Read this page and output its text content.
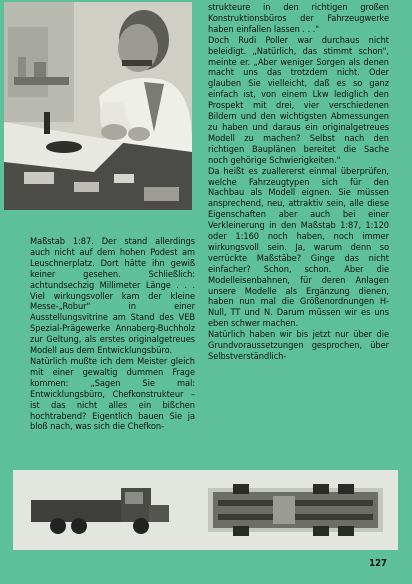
Maßstab 1:87. Der stand allerdings auch nicht auf dem hohen Podest am Leuschnerplatz. Dort hätte ihn gewiß keiner gesehen. Schließlich: achtundsechzig Millimeter Länge . . . Viel wirkungsvoller kam der kleine Messe-„Robur" in einer Ausstellungsvitrine am Stand des VEB Spezial-Prägewerke Annaberg-Buchholz zur Geltung, als erstes originalgetreues Modell aus dem Entwicklungsbüro.

Natürlich mußte ich dem Meister gleich mit einer gewaltig dummen Frage kommen: „Sagen Sie mal: Entwicklungsbüro, Chefkonstrukteur – ist das nicht alles ein bißchen hochtrabend? Eigentlich bauen Sie ja bloß nach, was sich die Chefkon-

strukteure in den richtigen großen Konstruktionsbüros der Fahrzeugwerke haben einfallen lassen . . ."

Doch Rudi Poller war durchaus nicht beleidigt. „Natürlich, das stimmt schon", meinte er. „Aber weniger Sorgen als denen macht uns das trotzdem nicht. Oder glauben Sie vielleicht, daß es so ganz einfach ist, von einem Lkw lediglich den Prospekt mit drei, vier verschiedenen Bildern und den wichtigsten Abmessungen zu haben und daraus ein originalgetreues Modell zu machen? Selbst nach den richtigen Bauplänen bereitet die Sache noch gehörige Schwierigkeiten."

Da heißt es zuallererst einmal überprüfen, welche Fahrzeugtypen sich für den Nachbau als Modell eignen. Sie müssen ansprechend, neu, attraktiv sein, alle diese Eigenschaften aber auch bei einer Verkleinerung in den Maßstab 1:87, 1:120 oder 1:160 noch haben, noch immer wirkungsvoll sein. Ja, warum denn so verrückte Maßstäbe? Ginge das nicht einfacher? Schon, schon. Aber die Modelleisenbahnen, für deren Anlagen unsere Modelle als Ergänzung dienen, haben nun mal die Größenordnungen H-Null, TT und N. Darum müssen wir es uns eben schwer machen.

Natürlich haben wir bis jetzt nur über die Grundvoraussetzungen gesprochen, über Selbstverständlich-

127
